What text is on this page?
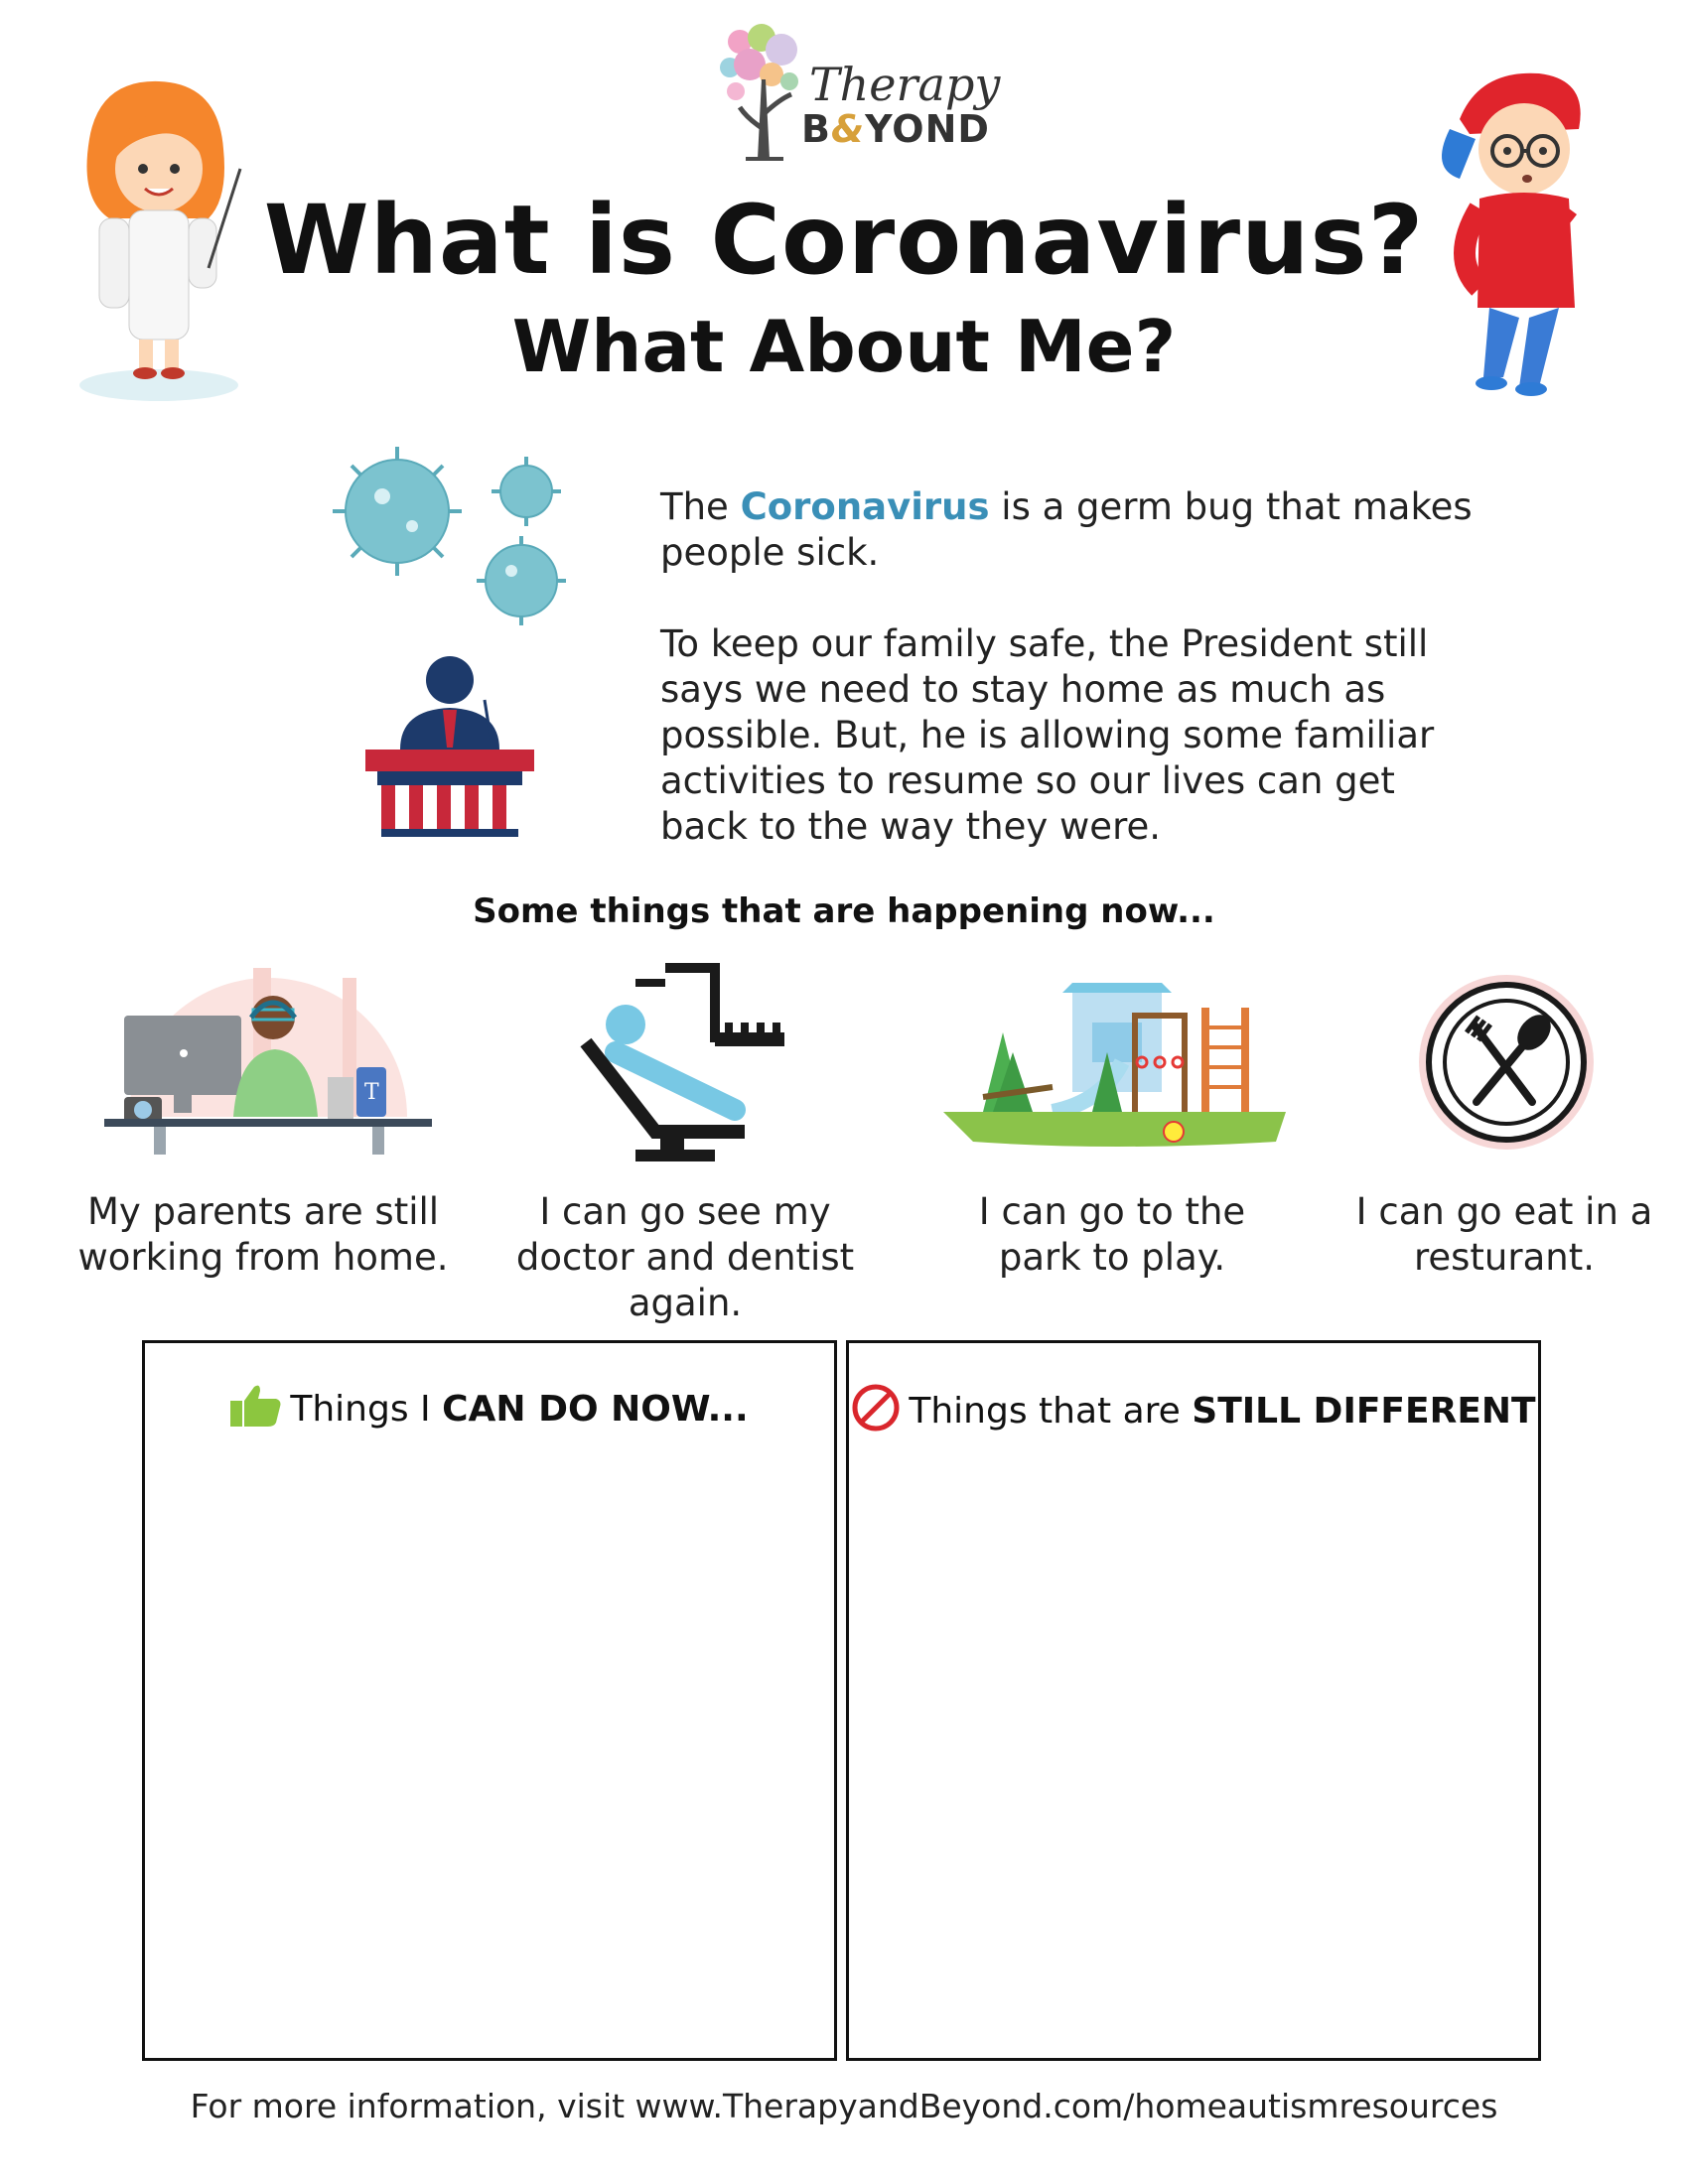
Therapy
B&YOND
What is Coronavirus?
What About Me?

The Coronavirus is a germ bug that makes people sick.

To keep our family safe, the President still says we need to stay home as much as possible. But, he is allowing some familiar activities to resume so our lives can get back to the way they were.

Some things that are happening now...
T
My parents are still working from home.
I can go see my doctor and dentist again.
I can go to the park to play.
I can go eat in a resturant.
Things I CAN DO NOW...	Things that are STILL DIFFERENT
For more information, visit www.TherapyandBeyond.com/homeautismresources
